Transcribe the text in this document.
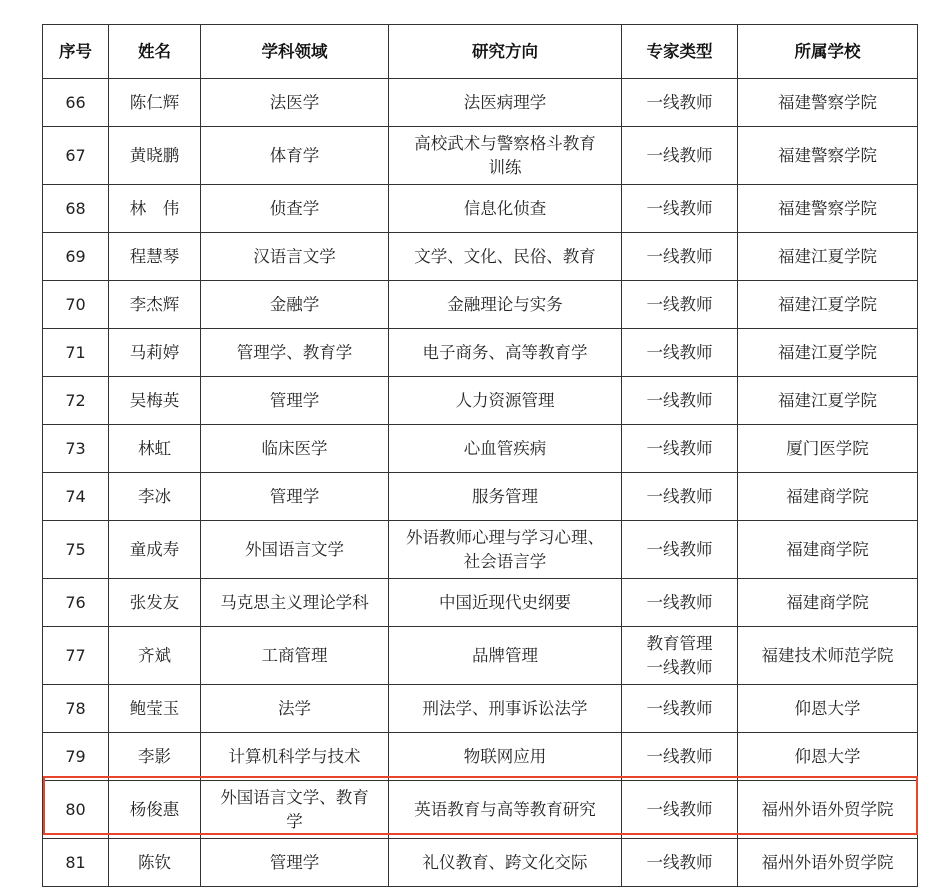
序号	姓名	学科领域	研究方向	专家类型	所属学校
66	陈仁辉	法医学	法医病理学	一线教师	福建警察学院
67	黄晓鹏	体育学	高校武术与警察格斗教育
训练	一线教师	福建警察学院
68	林　伟	侦查学	信息化侦查	一线教师	福建警察学院
69	程慧琴	汉语言文学	文学、文化、民俗、教育	一线教师	福建江夏学院
70	李杰辉	金融学	金融理论与实务	一线教师	福建江夏学院
71	马莉婷	管理学、教育学	电子商务、高等教育学	一线教师	福建江夏学院
72	吴梅英	管理学	人力资源管理	一线教师	福建江夏学院
73	林虹	临床医学	心血管疾病	一线教师	厦门医学院
74	李冰	管理学	服务管理	一线教师	福建商学院
75	童成寿	外国语言文学	外语教师心理与学习心理、
社会语言学	一线教师	福建商学院
76	张发友	马克思主义理论学科	中国近现代史纲要	一线教师	福建商学院
77	齐斌	工商管理	品牌管理	教育管理
一线教师	福建技术师范学院
78	鲍莹玉	法学	刑法学、刑事诉讼法学	一线教师	仰恩大学
79	李影	计算机科学与技术	物联网应用	一线教师	仰恩大学
80	杨俊惠	外国语言文学、教育
学	英语教育与高等教育研究	一线教师	福州外语外贸学院
81	陈钦	管理学	礼仪教育、跨文化交际	一线教师	福州外语外贸学院
